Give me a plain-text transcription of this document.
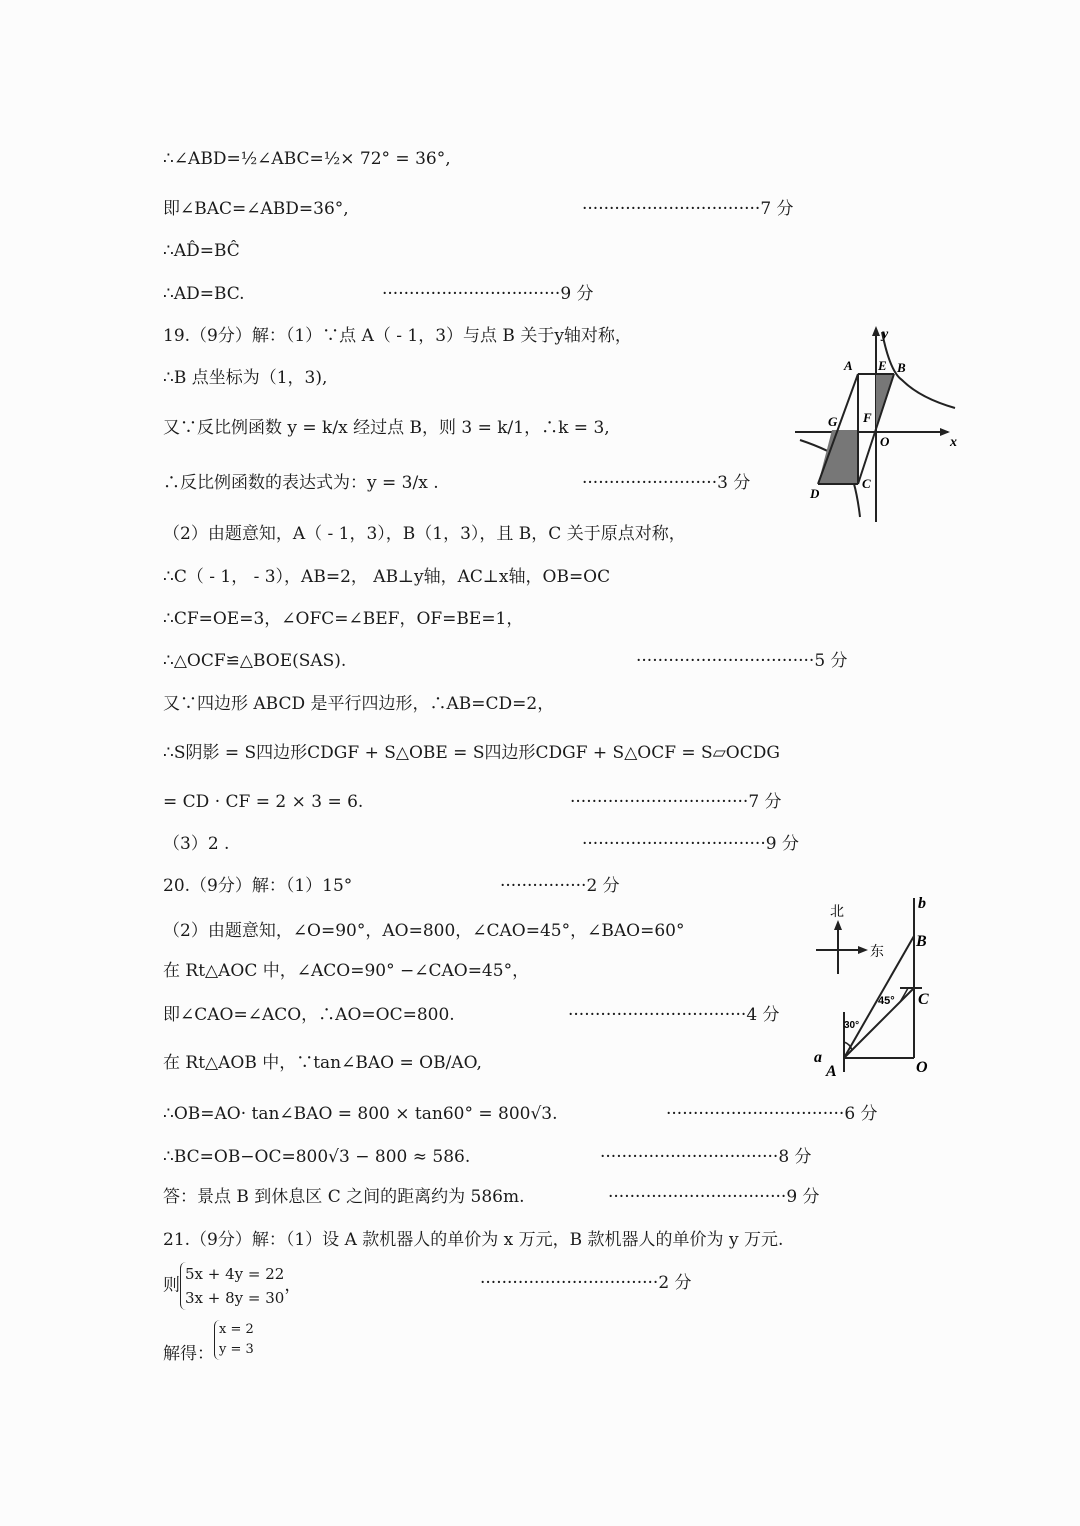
∴∠ABD=½∠ABC=½× 72° = 36°,
即∠BAC=∠ABD=36°,
∴AD̂=BĈ
∴AD=BC.
19.（9分）解：（1）∵点 A（ - 1，3）与点 B 关于y轴对称，
∴B 点坐标为（1，3),
又∵反比例函数 y = k/x 经过点 B，则 3 = k/1，∴k = 3,
∴反比例函数的表达式为：y = 3/x .
（2）由题意知，A（ - 1，3），B（1，3），且 B，C 关于原点对称，
∴C（ - 1， - 3），AB=2， AB⊥y轴，AC⊥x轴，OB=OC
∴CF=OE=3，∠OFC=∠BEF，OF=BE=1，
∴△OCF≌△BOE(SAS).
又∵四边形 ABCD 是平行四边形，∴AB=CD=2，
∴S阴影 = S四边形CDGF + S△OBE = S四边形CDGF + S△OCF = S▱OCDG
= CD · CF = 2 × 3 = 6.
（3）2 .
20.（9分）解：（1）15°
（2）由题意知，∠O=90°，AO=800，∠CAO=45°，∠BAO=60°
在 Rt△AOC 中，∠ACO=90° −∠CAO=45°，
即∠CAO=∠ACO，∴AO=OC=800.
在 Rt△AOB 中，∵tan∠BAO = OB/AO,
∴OB=AO· tan∠BAO = 800 × tan60° = 800√3.
∴BC=OB−OC=800√3 − 800 ≈ 586.
答：景点 B 到休息区 C 之间的距离约为 586m.
21.（9分）解：（1）设 A 款机器人的单价为 x 万元，B 款机器人的单价为 y 万元.
则5x + 4y = 22
3x + 8y = 30，
解得：x = 2
y = 3
·································7 分
·································9 分
·························3 分
·································5 分
·································7 分
··································9 分
················2 分
·································4 分
·································6 分
·································8 分
·································9 分
·································2 分
y
x
A E B
G F
O
C
D
北
东
b
B
C
45°
30°
a
A	O
